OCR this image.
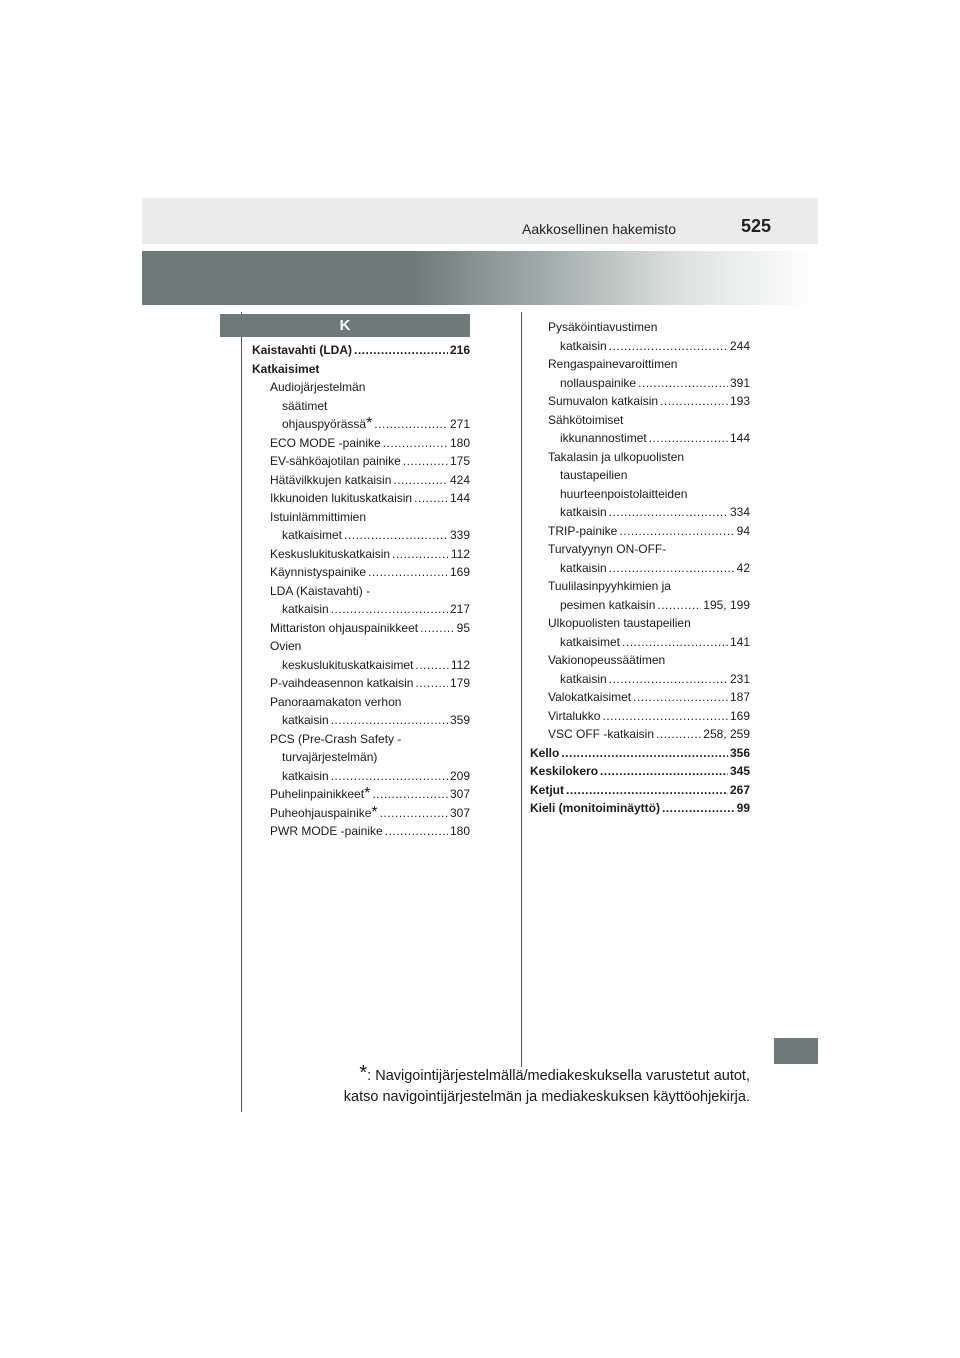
Aakkosellinen hakemisto	525
K
Kaistavahti (LDA) .....	216
Katkaisimet
Audiojärjestelmän
säätimet
ohjauspyörässä * .....	271
ECO MODE -painike .....	180
EV-sähköajotilan painike .....	175
Hätävilkkujen katkaisin .....	424
Ikkunoiden lukituskatkaisin .....	144
Istuinlämmittimien
katkaisimet .....	339
Keskuslukituskatkaisin .....	112
Käynnistyspainike .....	169
LDA (Kaistavahti) -
katkaisin .....	217
Mittariston ohjauspainikkeet .....	95
Ovien
keskuslukituskatkaisimet .....	112
P-vaihdeasennon katkaisin .....	179
Panoraamakaton verhon
katkaisin .....	359
PCS (Pre-Crash Safety -
turvajärjestelmän)
katkaisin .....	209
Puhelinpainikkeet * .....	307
Puheohjauspainike * .....	307
PWR MODE -painike .....	180
Pysäköintiavustimen
katkaisin .....	244
Rengaspainevaroittimen
nollauspainike .....	391
Sumuvalon katkaisin .....	193
Sähkötoimiset
ikkunannostimet .....	144
Takalasin ja ulkopuolisten
taustapeilien
huurteenpoistolaitteiden
katkaisin .....	334
TRIP-painike .....	94
Turvatyynyn ON-OFF-
katkaisin .....	42
Tuulilasinpyyhkimien ja
pesimen katkaisin .....	195, 199
Ulkopuolisten taustapeilien
katkaisimet .....	141
Vakionopeussäätimen
katkaisin .....	231
Valokatkaisimet .....	187
Virtalukko .....	169
VSC OFF -katkaisin .....	258, 259
Kello .....	356
Keskilokero .....	345
Ketjut .....	267
Kieli (monitoiminäyttö) .....	99
*: Navigointijärjestelmällä/mediakeskuksella varustetut autot,
katso navigointijärjestelmän ja mediakeskuksen käyttöohjekirja.
